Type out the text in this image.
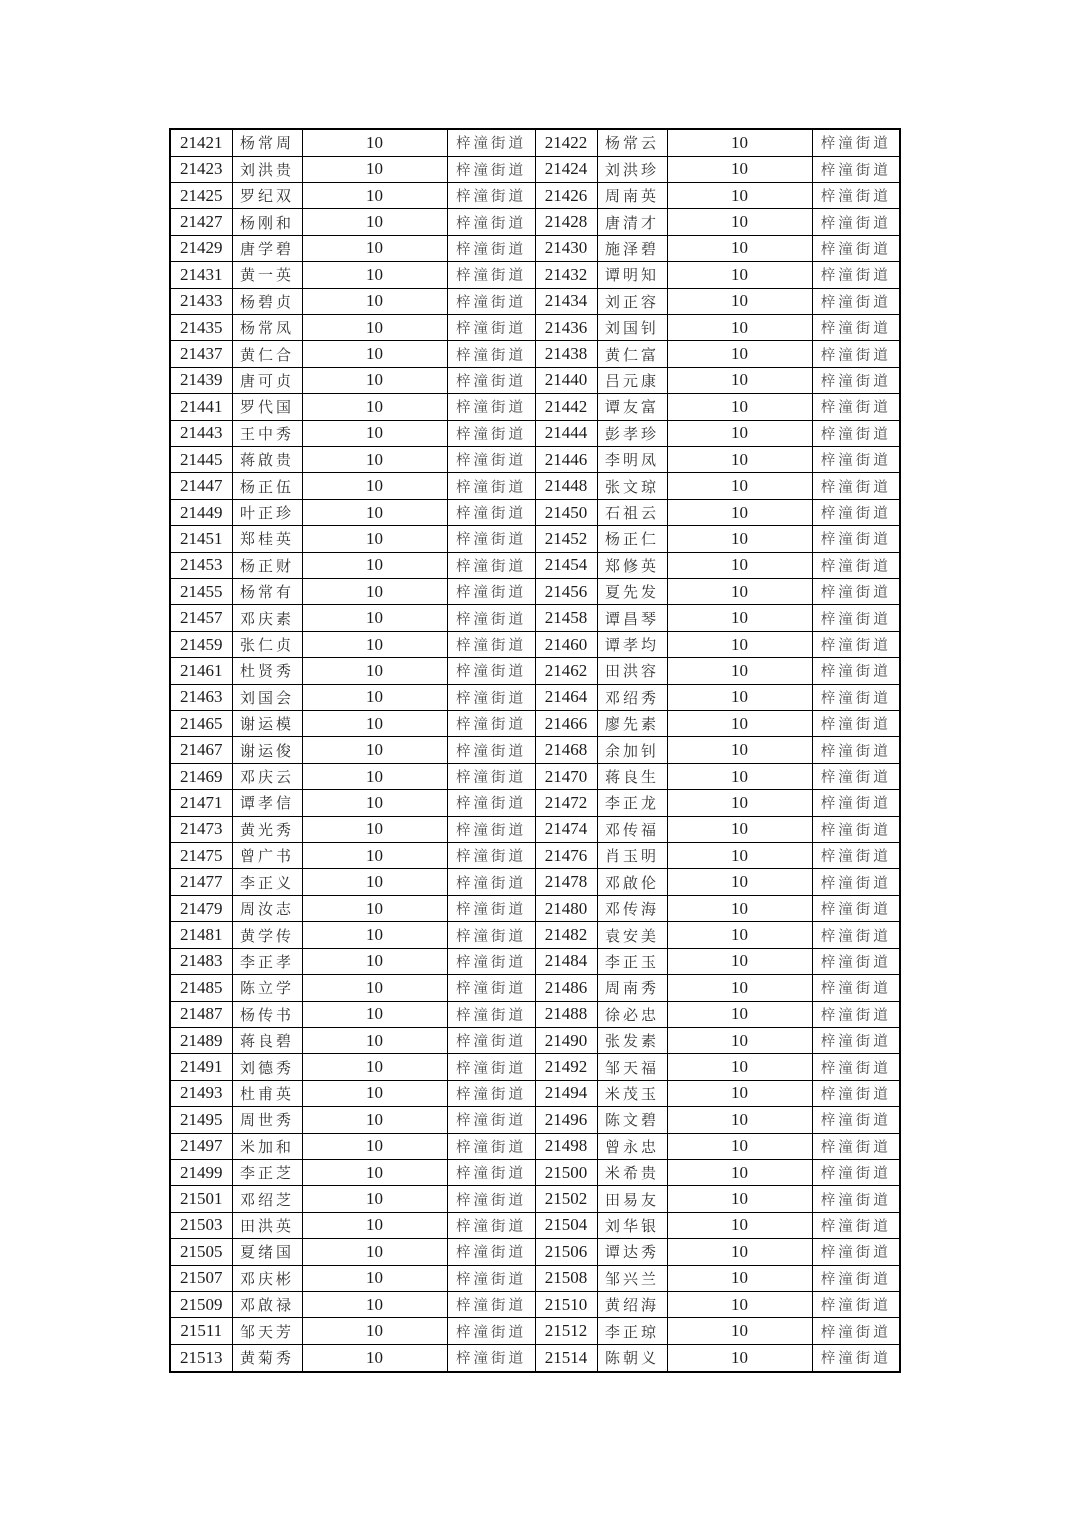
21421	杨常周	10	梓潼街道	21422	杨常云	10	梓潼街道
21423	刘洪贵	10	梓潼街道	21424	刘洪珍	10	梓潼街道
21425	罗纪双	10	梓潼街道	21426	周南英	10	梓潼街道
21427	杨刚和	10	梓潼街道	21428	唐清才	10	梓潼街道
21429	唐学碧	10	梓潼街道	21430	施泽碧	10	梓潼街道
21431	黄一英	10	梓潼街道	21432	谭明知	10	梓潼街道
21433	杨碧贞	10	梓潼街道	21434	刘正容	10	梓潼街道
21435	杨常凤	10	梓潼街道	21436	刘国钊	10	梓潼街道
21437	黄仁合	10	梓潼街道	21438	黄仁富	10	梓潼街道
21439	唐可贞	10	梓潼街道	21440	吕元康	10	梓潼街道
21441	罗代国	10	梓潼街道	21442	谭友富	10	梓潼街道
21443	王中秀	10	梓潼街道	21444	彭孝珍	10	梓潼街道
21445	蒋啟贵	10	梓潼街道	21446	李明凤	10	梓潼街道
21447	杨正伍	10	梓潼街道	21448	张文琼	10	梓潼街道
21449	叶正珍	10	梓潼街道	21450	石祖云	10	梓潼街道
21451	郑桂英	10	梓潼街道	21452	杨正仁	10	梓潼街道
21453	杨正财	10	梓潼街道	21454	郑修英	10	梓潼街道
21455	杨常有	10	梓潼街道	21456	夏先发	10	梓潼街道
21457	邓庆素	10	梓潼街道	21458	谭昌琴	10	梓潼街道
21459	张仁贞	10	梓潼街道	21460	谭孝均	10	梓潼街道
21461	杜贤秀	10	梓潼街道	21462	田洪容	10	梓潼街道
21463	刘国会	10	梓潼街道	21464	邓绍秀	10	梓潼街道
21465	谢运模	10	梓潼街道	21466	廖先素	10	梓潼街道
21467	谢运俊	10	梓潼街道	21468	余加钊	10	梓潼街道
21469	邓庆云	10	梓潼街道	21470	蒋良生	10	梓潼街道
21471	谭孝信	10	梓潼街道	21472	李正龙	10	梓潼街道
21473	黄光秀	10	梓潼街道	21474	邓传福	10	梓潼街道
21475	曾广书	10	梓潼街道	21476	肖玉明	10	梓潼街道
21477	李正义	10	梓潼街道	21478	邓啟伦	10	梓潼街道
21479	周汝志	10	梓潼街道	21480	邓传海	10	梓潼街道
21481	黄学传	10	梓潼街道	21482	袁安美	10	梓潼街道
21483	李正孝	10	梓潼街道	21484	李正玉	10	梓潼街道
21485	陈立学	10	梓潼街道	21486	周南秀	10	梓潼街道
21487	杨传书	10	梓潼街道	21488	徐必忠	10	梓潼街道
21489	蒋良碧	10	梓潼街道	21490	张发素	10	梓潼街道
21491	刘德秀	10	梓潼街道	21492	邹天福	10	梓潼街道
21493	杜甫英	10	梓潼街道	21494	米茂玉	10	梓潼街道
21495	周世秀	10	梓潼街道	21496	陈文碧	10	梓潼街道
21497	米加和	10	梓潼街道	21498	曾永忠	10	梓潼街道
21499	李正芝	10	梓潼街道	21500	米希贵	10	梓潼街道
21501	邓绍芝	10	梓潼街道	21502	田易友	10	梓潼街道
21503	田洪英	10	梓潼街道	21504	刘华银	10	梓潼街道
21505	夏绪国	10	梓潼街道	21506	谭达秀	10	梓潼街道
21507	邓庆彬	10	梓潼街道	21508	邹兴兰	10	梓潼街道
21509	邓啟禄	10	梓潼街道	21510	黄绍海	10	梓潼街道
21511	邹天芳	10	梓潼街道	21512	李正琼	10	梓潼街道
21513	黄菊秀	10	梓潼街道	21514	陈朝义	10	梓潼街道
